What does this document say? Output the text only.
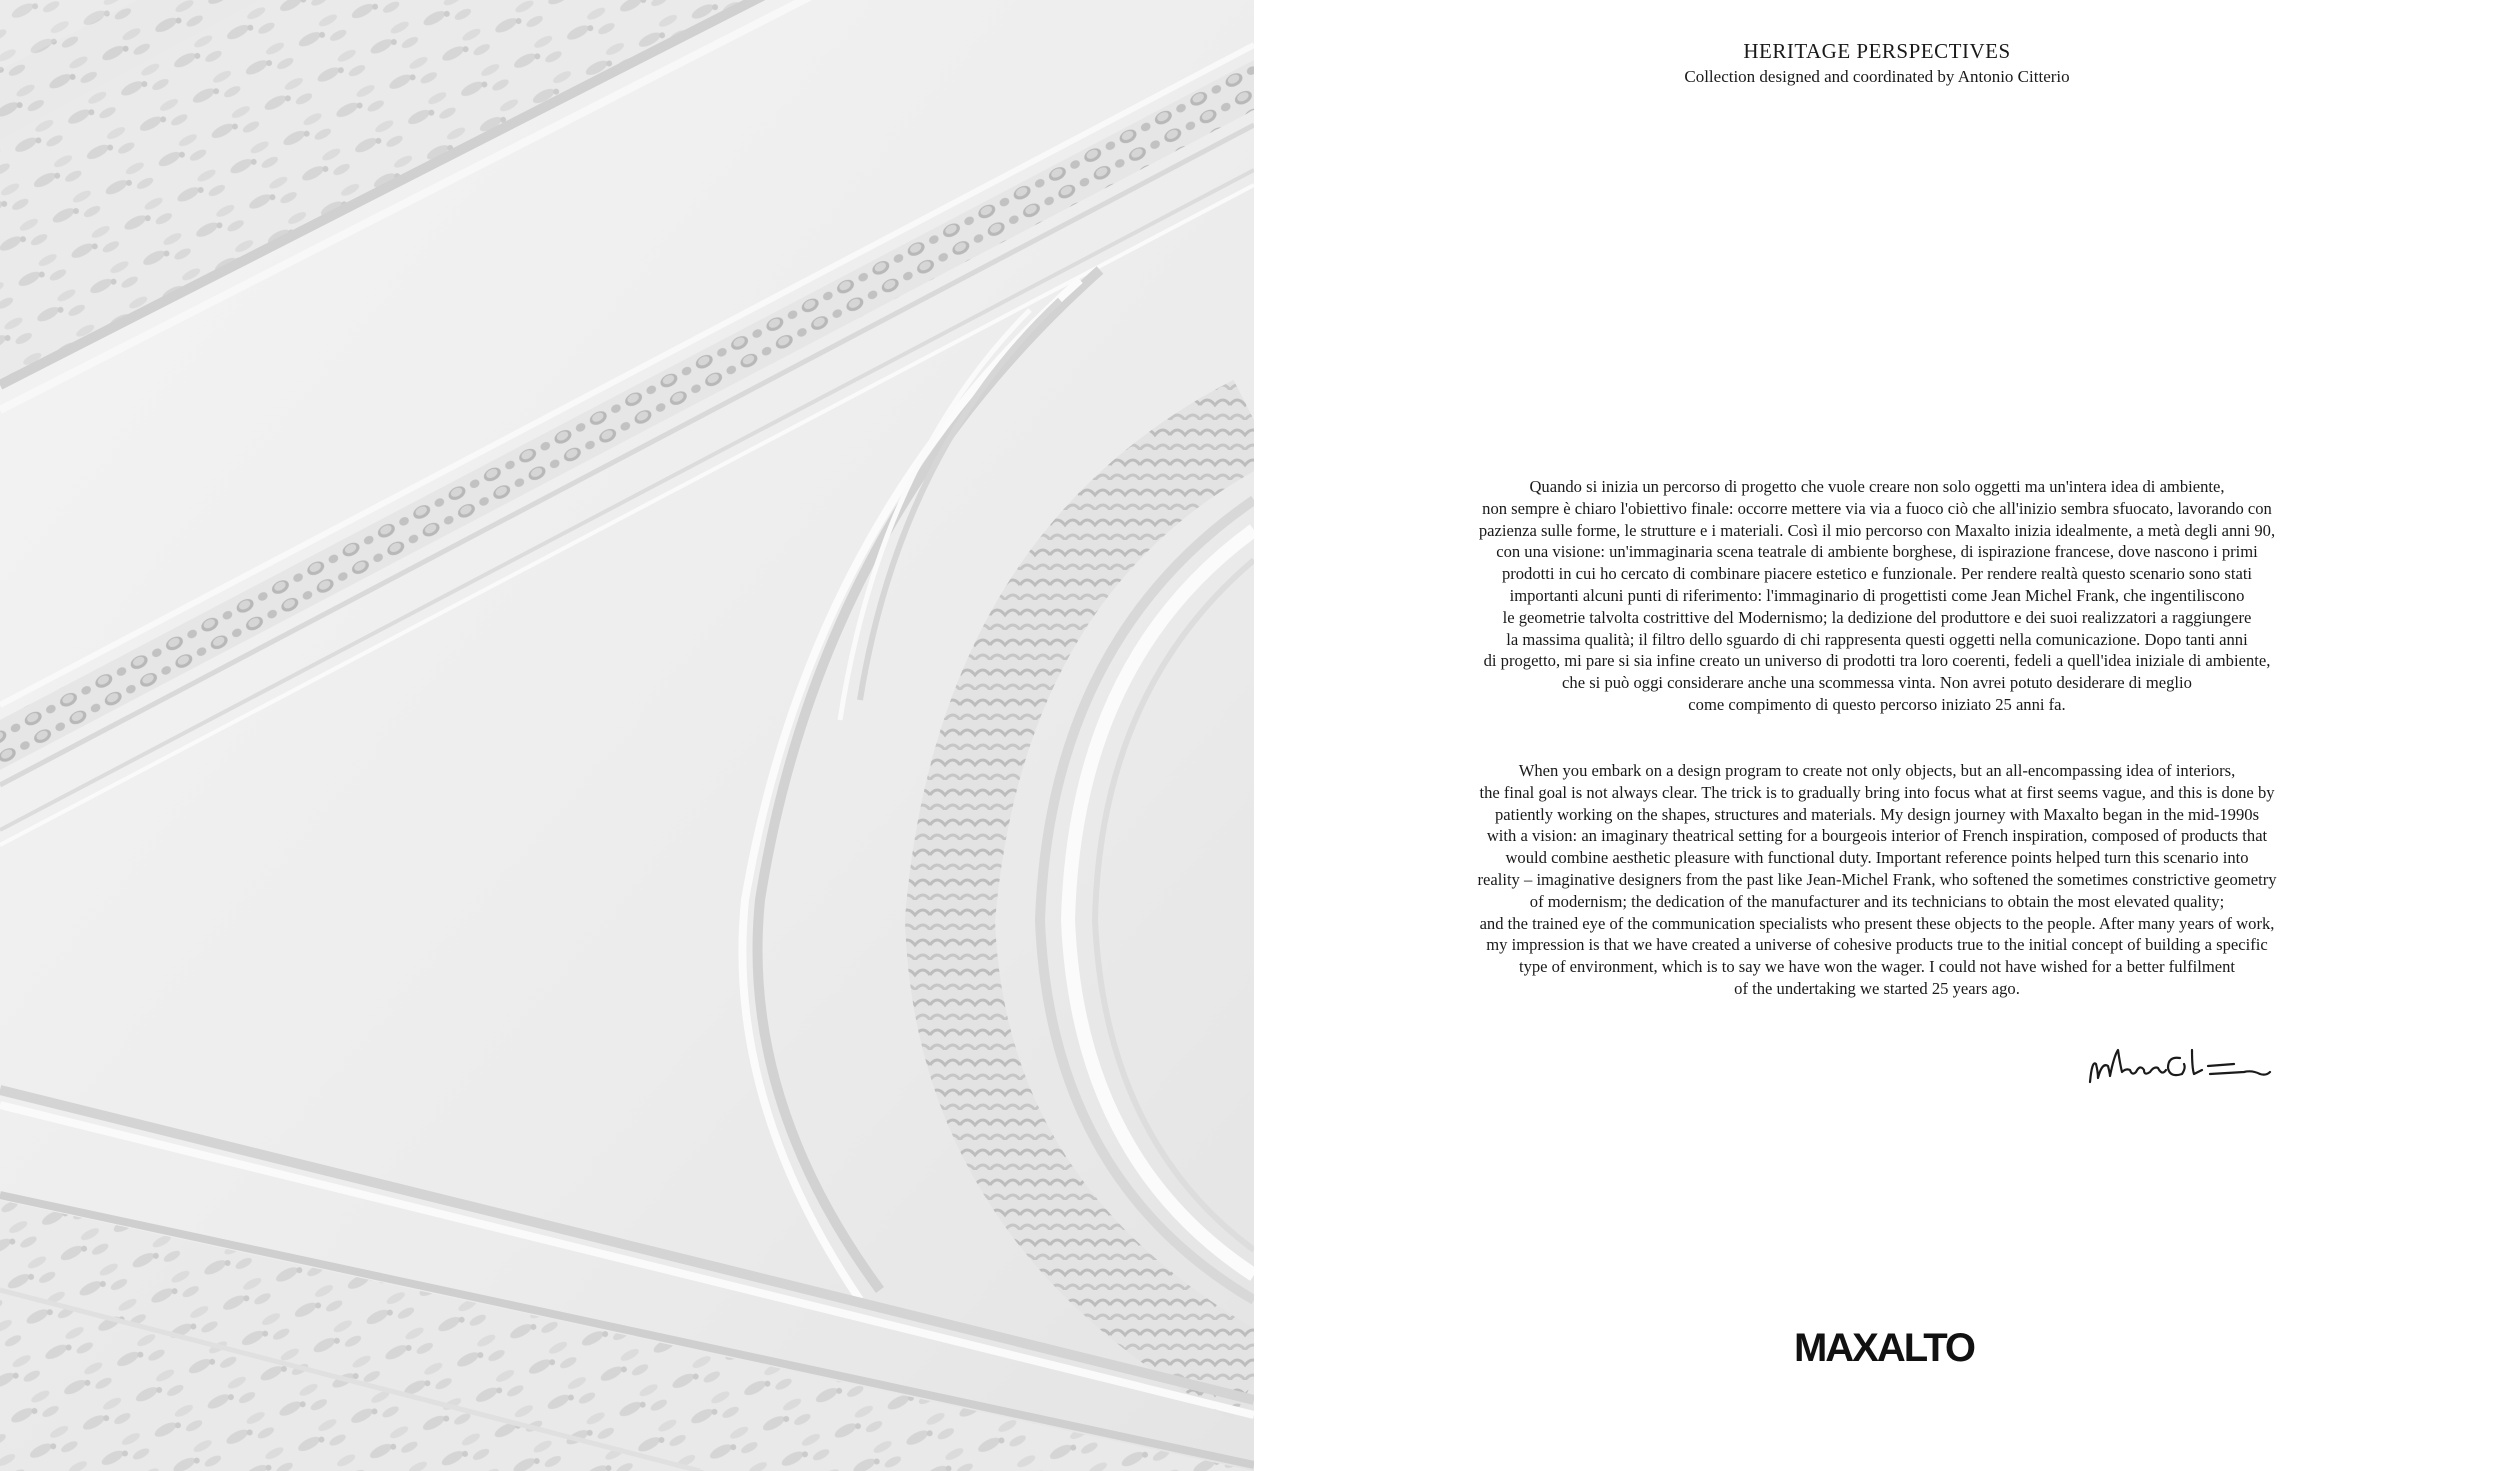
HERITAGE PERSPECTIVES
Collection designed and coordinated by Antonio Citterio
Quando si inizia un percorso di progetto che vuole creare non solo oggetti ma un'intera idea di ambiente,
non sempre è chiaro l'obiettivo finale: occorre mettere via via a fuoco ciò che all'inizio sembra sfuocato, lavorando con
pazienza sulle forme, le strutture e i materiali. Così il mio percorso con Maxalto inizia idealmente, a metà degli anni 90,
con una visione: un'immaginaria scena teatrale di ambiente borghese, di ispirazione francese, dove nascono i primi
prodotti in cui ho cercato di combinare piacere estetico e funzionale. Per rendere realtà questo scenario sono stati
importanti alcuni punti di riferimento: l'immaginario di progettisti come Jean Michel Frank, che ingentiliscono
le geometrie talvolta costrittive del Modernismo; la dedizione del produttore e dei suoi realizzatori a raggiungere
la massima qualità; il filtro dello sguardo di chi rappresenta questi oggetti nella comunicazione. Dopo tanti anni
di progetto, mi pare si sia infine creato un universo di prodotti tra loro coerenti, fedeli a quell'idea iniziale di ambiente,
che si può oggi considerare anche una scommessa vinta. Non avrei potuto desiderare di meglio
come compimento di questo percorso iniziato 25 anni fa.
When you embark on a design program to create not only objects, but an all-encompassing idea of interiors,
the final goal is not always clear. The trick is to gradually bring into focus what at first seems vague, and this is done by
patiently working on the shapes, structures and materials. My design journey with Maxalto began in the mid-1990s
with a vision: an imaginary theatrical setting for a bourgeois interior of French inspiration, composed of products that
would combine aesthetic pleasure with functional duty. Important reference points helped turn this scenario into
reality – imaginative designers from the past like Jean-Michel Frank, who softened the sometimes constrictive geometry
of modernism; the dedication of the manufacturer and its technicians to obtain the most elevated quality;
and the trained eye of the communication specialists who present these objects to the people. After many years of work,
my impression is that we have created a universe of cohesive products true to the initial concept of building a specific
type of environment, which is to say we have won the wager. I could not have wished for a better fulfilment
of the undertaking we started 25 years ago.
MAXALTO
